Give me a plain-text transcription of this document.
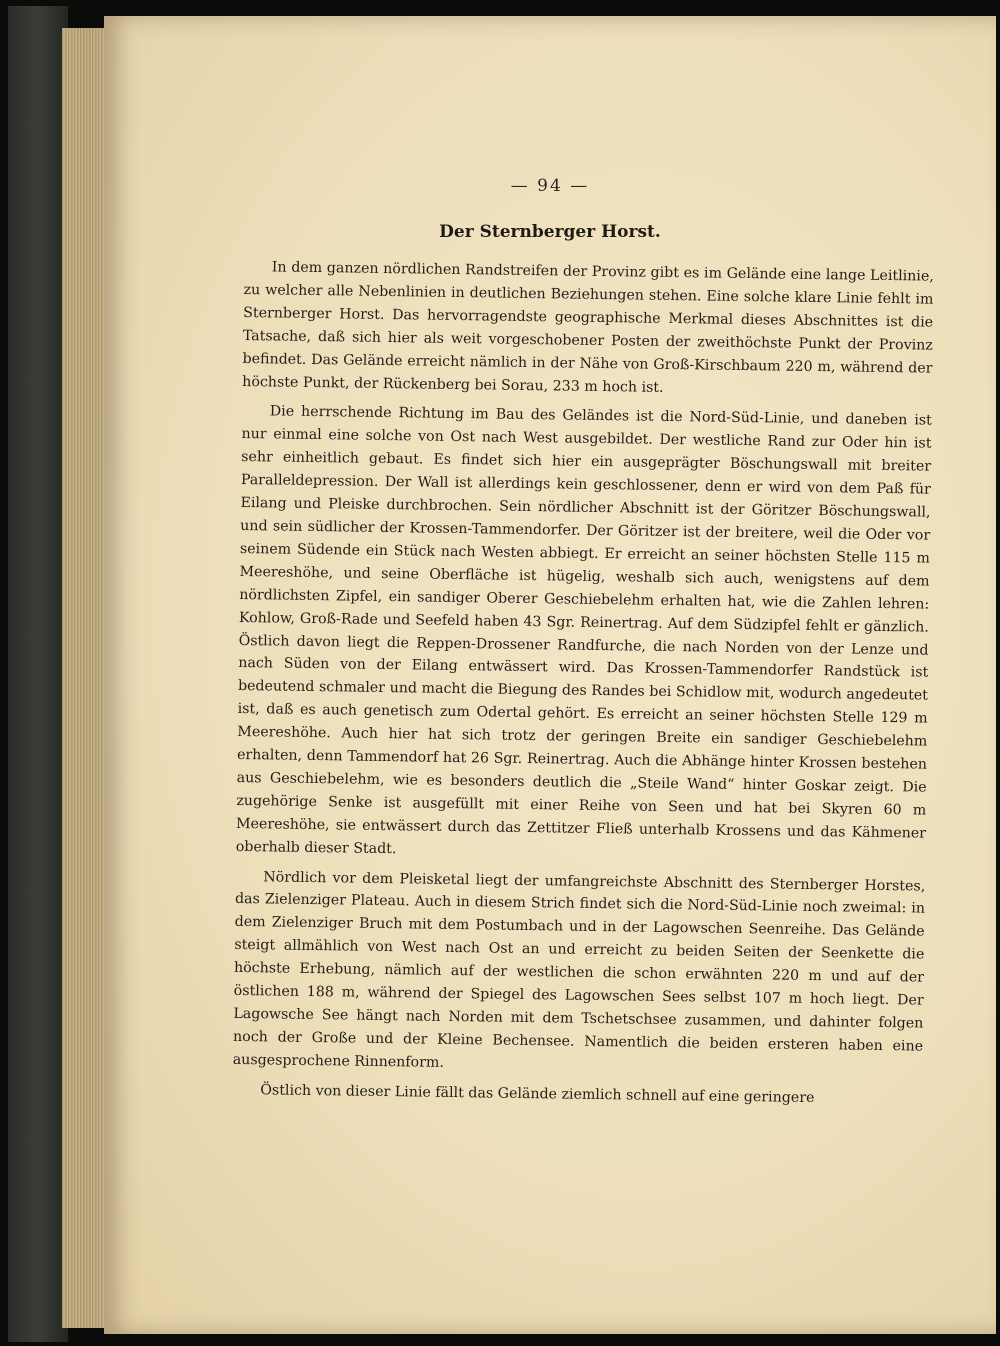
— 94 —
Der Sternberger Horst.

In dem ganzen nördlichen Randstreifen der Provinz gibt es im Gelände eine lange Leitlinie, zu welcher alle Nebenlinien in deutlichen Beziehungen stehen. Eine solche klare Linie fehlt im Sternberger Horst. Das hervorragendste geographische Merkmal dieses Abschnittes ist die Tatsache, daß sich hier als weit vorgeschobener Posten der zweithöchste Punkt der Provinz befindet. Das Gelände erreicht nämlich in der Nähe von Groß-Kirschbaum 220 m, während der höchste Punkt, der Rückenberg bei Sorau, 233 m hoch ist.

Die herrschende Richtung im Bau des Geländes ist die Nord-Süd-Linie, und daneben ist nur einmal eine solche von Ost nach West ausgebildet. Der westliche Rand zur Oder hin ist sehr einheitlich gebaut. Es findet sich hier ein ausgeprägter Böschungswall mit breiter Paralleldepression. Der Wall ist allerdings kein geschlossener, denn er wird von dem Paß für Eilang und Pleiske durchbrochen. Sein nördlicher Abschnitt ist der Göritzer Böschungswall, und sein südlicher der Krossen-Tammendorfer. Der Göritzer ist der breitere, weil die Oder vor seinem Südende ein Stück nach Westen abbiegt. Er erreicht an seiner höchsten Stelle 115 m Meereshöhe, und seine Oberfläche ist hügelig, weshalb sich auch, wenigstens auf dem nördlichsten Zipfel, ein sandiger Oberer Geschiebelehm erhalten hat, wie die Zahlen lehren: Kohlow, Groß-Rade und Seefeld haben 43 Sgr. Reinertrag. Auf dem Südzipfel fehlt er gänzlich. Östlich davon liegt die Reppen-Drossener Randfurche, die nach Norden von der Lenze und nach Süden von der Eilang entwässert wird. Das Krossen-Tammendorfer Randstück ist bedeutend schmaler und macht die Biegung des Randes bei Schidlow mit, wodurch angedeutet ist, daß es auch genetisch zum Odertal gehört. Es erreicht an seiner höchsten Stelle 129 m Meereshöhe. Auch hier hat sich trotz der geringen Breite ein sandiger Geschiebelehm erhalten, denn Tammendorf hat 26 Sgr. Reinertrag. Auch die Abhänge hinter Krossen bestehen aus Geschiebelehm, wie es besonders deutlich die „Steile Wand“ hinter Goskar zeigt. Die zugehörige Senke ist ausgefüllt mit einer Reihe von Seen und hat bei Skyren 60 m Meereshöhe, sie entwässert durch das Zettitzer Fließ unterhalb Krossens und das Kähmener oberhalb dieser Stadt.

Nördlich vor dem Pleisketal liegt der umfangreichste Abschnitt des Sternberger Horstes, das Zielenziger Plateau. Auch in diesem Strich findet sich die Nord-Süd-Linie noch zweimal: in dem Zielenziger Bruch mit dem Postumbach und in der Lagowschen Seenreihe. Das Gelände steigt allmählich von West nach Ost an und erreicht zu beiden Seiten der Seenkette die höchste Erhebung, nämlich auf der westlichen die schon erwähnten 220 m und auf der östlichen 188 m, während der Spiegel des Lagowschen Sees selbst 107 m hoch liegt. Der Lagowsche See hängt nach Norden mit dem Tschetschsee zusammen, und dahinter folgen noch der Große und der Kleine Bechensee. Namentlich die beiden ersteren haben eine ausgesprochene Rinnenform.

Östlich von dieser Linie fällt das Gelände ziemlich schnell auf eine geringere
